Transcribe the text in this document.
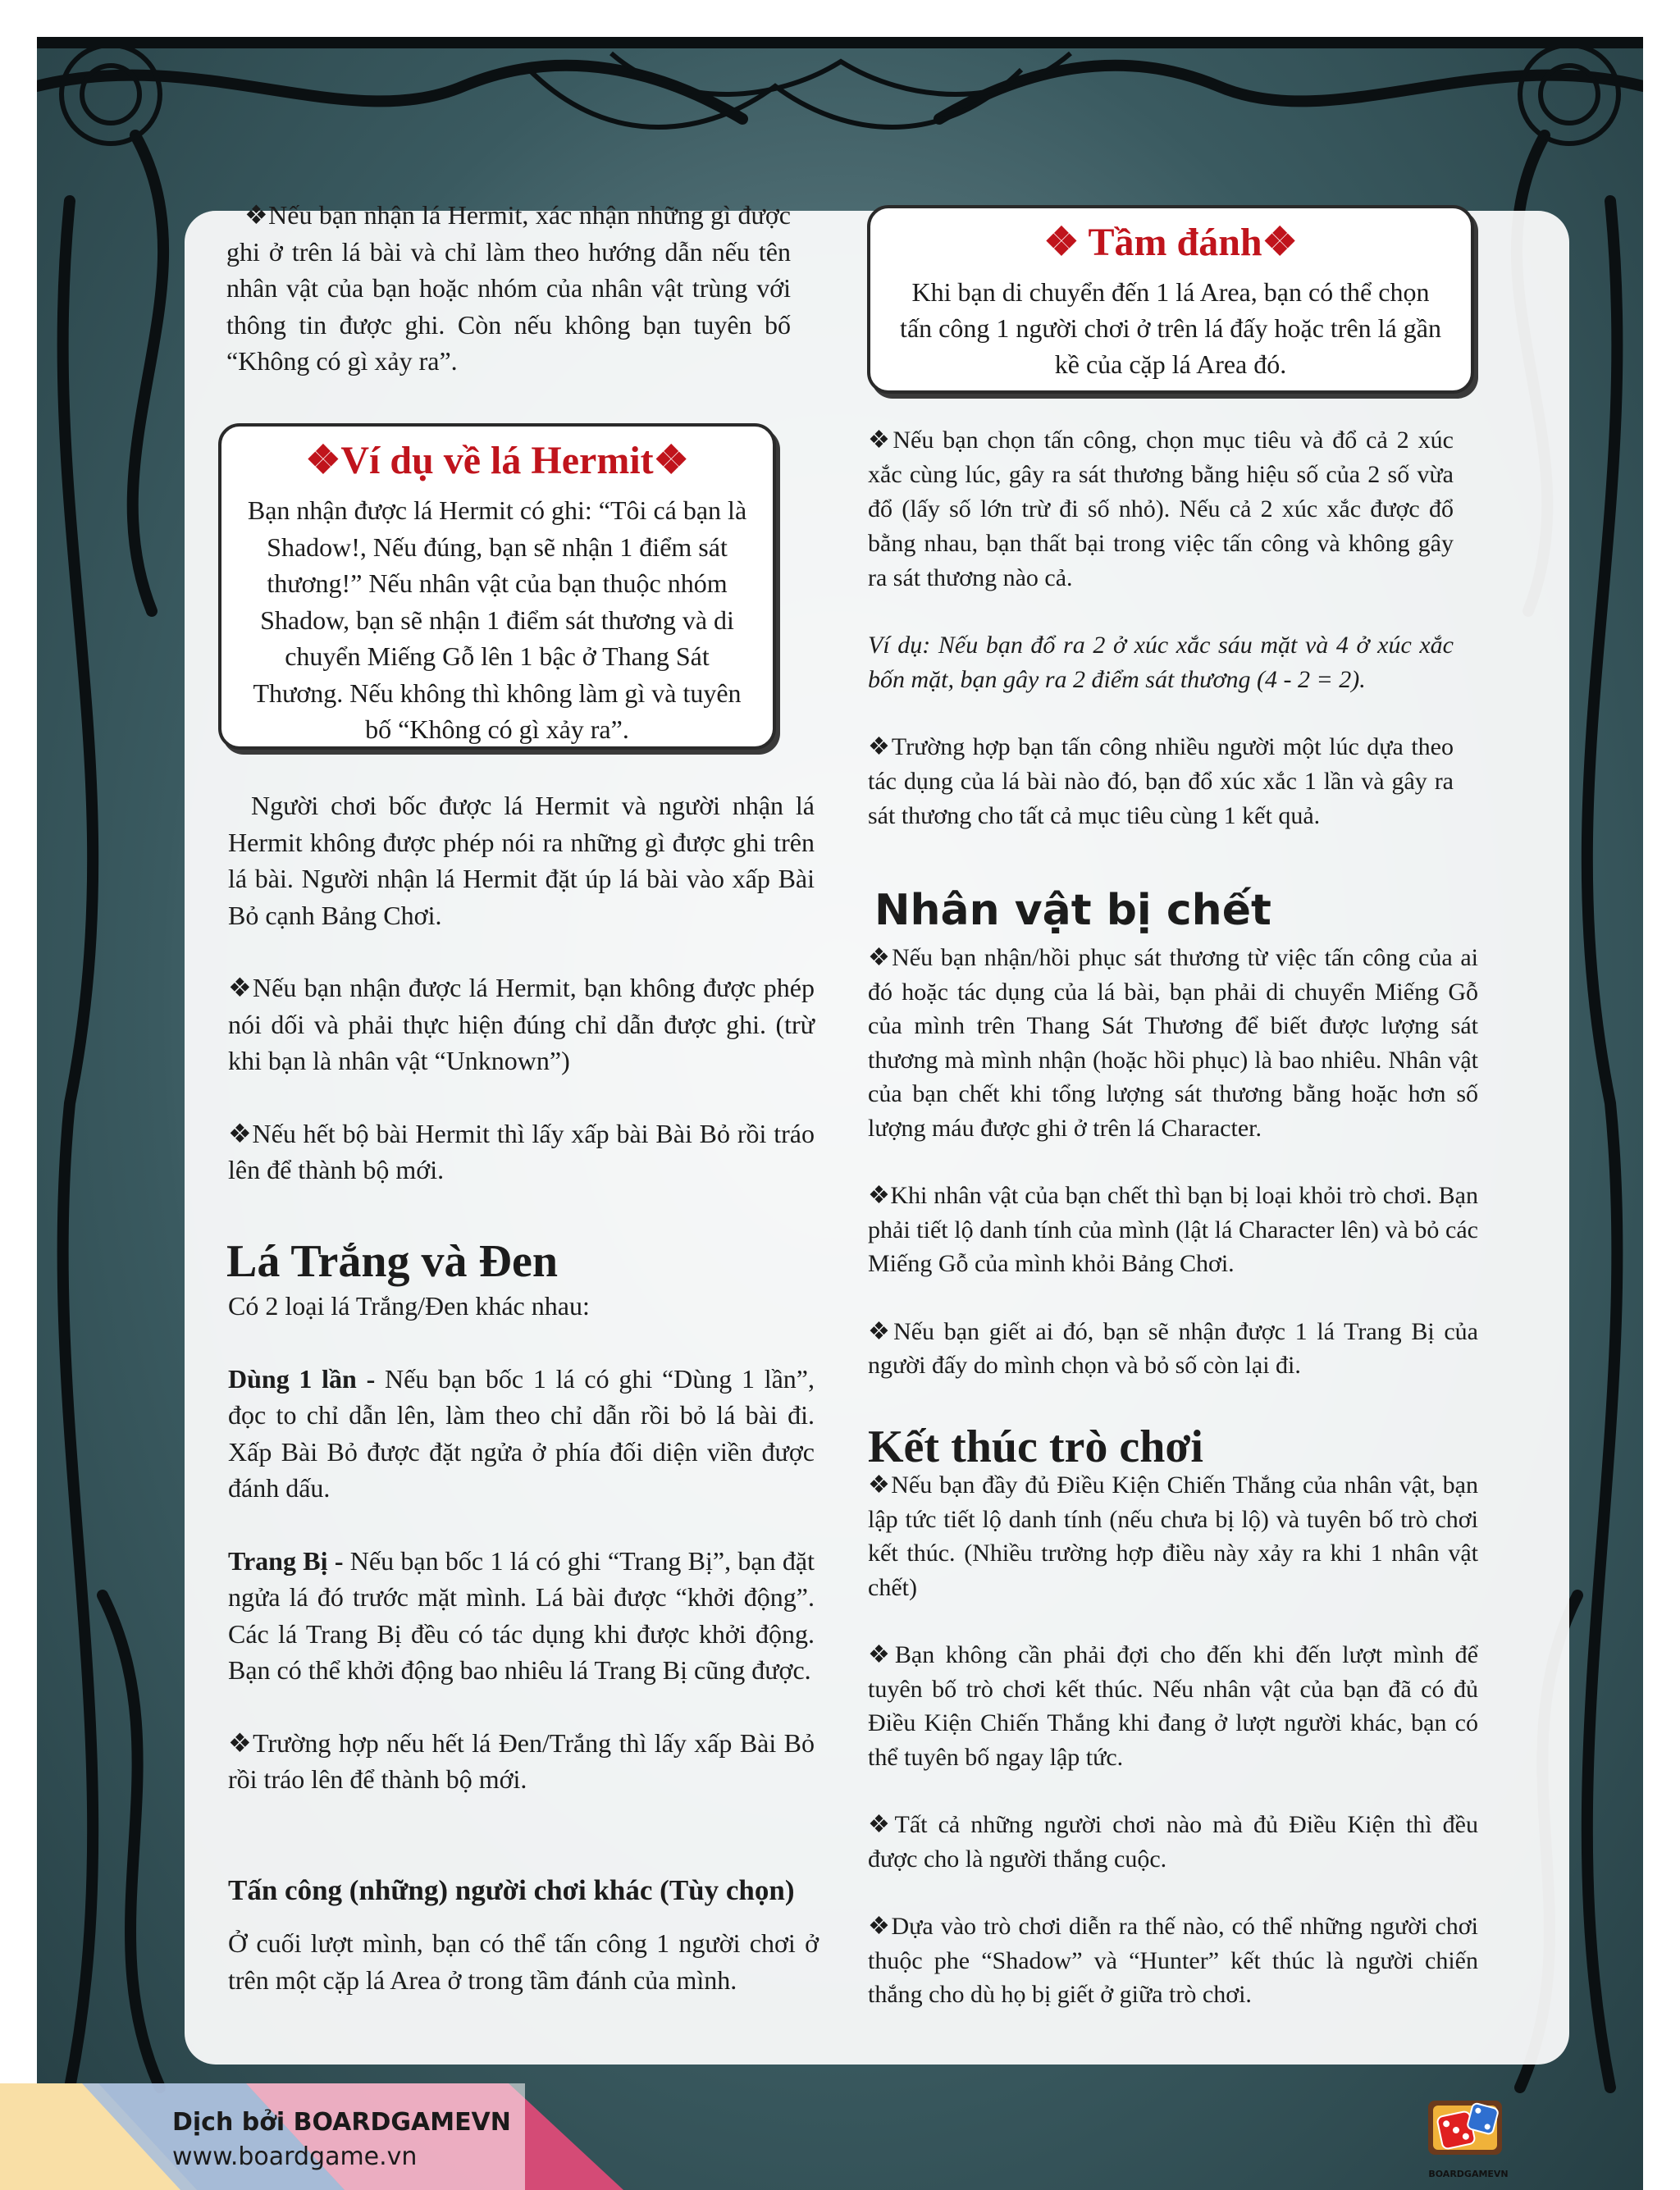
❖Nếu bạn nhận lá Hermit, xác nhận những gì được ghi ở trên lá bài và chỉ làm theo hướng dẫn nếu tên nhân vật của bạn hoặc nhóm của nhân vật trùng với thông tin được ghi. Còn nếu không bạn tuyên bố “Không có gì xảy ra”.
❖Ví dụ về lá Hermit❖
Bạn nhận được lá Hermit có ghi: “Tôi cá bạn là Shadow!, Nếu đúng, bạn sẽ nhận 1 điểm sát thương!” Nếu nhân vật của bạn thuộc nhóm Shadow, bạn sẽ nhận 1 điểm sát thương và di chuyển Miếng Gỗ lên 1 bậc ở Thang Sát Thương. Nếu không thì không làm gì và tuyên bố “Không có gì xảy ra”.

Người chơi bốc được lá Hermit và người nhận lá Hermit không được phép nói ra những gì được ghi trên lá bài. Người nhận lá Hermit đặt úp lá bài vào xấp Bài Bỏ cạnh Bảng Chơi.

❖Nếu bạn nhận được lá Hermit, bạn không được phép nói dối và phải thực hiện đúng chỉ dẫn được ghi. (trừ khi bạn là nhân vật “Unknown”)

❖Nếu hết bộ bài Hermit thì lấy xấp bài Bài Bỏ rồi tráo lên để thành bộ mới.

Lá Trắng và Đen

Có 2 loại lá Trắng/Đen khác nhau:

Dùng 1 lần - Nếu bạn bốc 1 lá có ghi “Dùng 1 lần”, đọc to chỉ dẫn lên, làm theo chỉ dẫn rồi bỏ lá bài đi. Xấp Bài Bỏ được đặt ngửa ở phía đối diện viền được đánh dấu.

Trang Bị - Nếu bạn bốc 1 lá có ghi “Trang Bị”, bạn đặt ngửa lá đó trước mặt mình. Lá bài được “khởi động”. Các lá Trang Bị đều có tác dụng khi được khởi động. Bạn có thể khởi động bao nhiêu lá Trang Bị cũng được.

❖Trường hợp nếu hết lá Đen/Trắng thì lấy xấp Bài Bỏ rồi tráo lên để thành bộ mới.

Tấn công (những) người chơi khác (Tùy chọn)
Ở cuối lượt mình, bạn có thể tấn công 1 người chơi ở trên một cặp lá Area ở trong tầm đánh của mình.
❖ Tầm đánh❖
Khi bạn di chuyển đến 1 lá Area, bạn có thể chọn tấn công 1 người chơi ở trên lá đấy hoặc trên lá gần kề của cặp lá Area đó.

❖Nếu bạn chọn tấn công, chọn mục tiêu và đổ cả 2 xúc xắc cùng lúc, gây ra sát thương bằng hiệu số của 2 số vừa đổ (lấy số lớn trừ đi số nhỏ). Nếu cả 2 xúc xắc được đổ bằng nhau, bạn thất bại trong việc tấn công và không gây ra sát thương nào cả.

Ví dụ: Nếu bạn đổ ra 2 ở xúc xắc sáu mặt và 4 ở xúc xắc bốn mặt, bạn gây ra 2 điểm sát thương (4 - 2 = 2).

❖Trường hợp bạn tấn công nhiều người một lúc dựa theo tác dụng của lá bài nào đó, bạn đổ xúc xắc 1 lần và gây ra sát thương cho tất cả mục tiêu cùng 1 kết quả.

Nhân vật bị chết

❖Nếu bạn nhận/hồi phục sát thương từ việc tấn công của ai đó hoặc tác dụng của lá bài, bạn phải di chuyển Miếng Gỗ của mình trên Thang Sát Thương để biết được lượng sát thương mà mình nhận (hoặc hồi phục) là bao nhiêu. Nhân vật của bạn chết khi tổng lượng sát thương bằng hoặc hơn số lượng máu được ghi ở trên lá Character.

❖Khi nhân vật của bạn chết thì bạn bị loại khỏi trò chơi. Bạn phải tiết lộ danh tính của mình (lật lá Character lên) và bỏ các Miếng Gỗ của mình khỏi Bảng Chơi.

❖Nếu bạn giết ai đó, bạn sẽ nhận được 1 lá Trang Bị của người đấy do mình chọn và bỏ số còn lại đi.

Kết thúc trò chơi

❖Nếu bạn đầy đủ Điều Kiện Chiến Thắng của nhân vật, bạn lập tức tiết lộ danh tính (nếu chưa bị lộ) và tuyên bố trò chơi kết thúc. (Nhiều trường hợp điều này xảy ra khi 1 nhân vật chết)

❖Bạn không cần phải đợi cho đến khi đến lượt mình để tuyên bố trò chơi kết thúc. Nếu nhân vật của bạn đã có đủ Điều Kiện Chiến Thắng khi đang ở lượt người khác, bạn có thể tuyên bố ngay lập tức.

❖Tất cả những người chơi nào mà đủ Điều Kiện thì đều được cho là người thắng cuộc.

❖Dựa vào trò chơi diễn ra thế nào, có thể những người chơi thuộc phe “Shadow” và “Hunter” kết thúc là người chiến thắng cho dù họ bị giết ở giữa trò chơi.

Dịch bởi BOARDGAMEVN
www.boardgame.vn
BOARDGAMEVN
